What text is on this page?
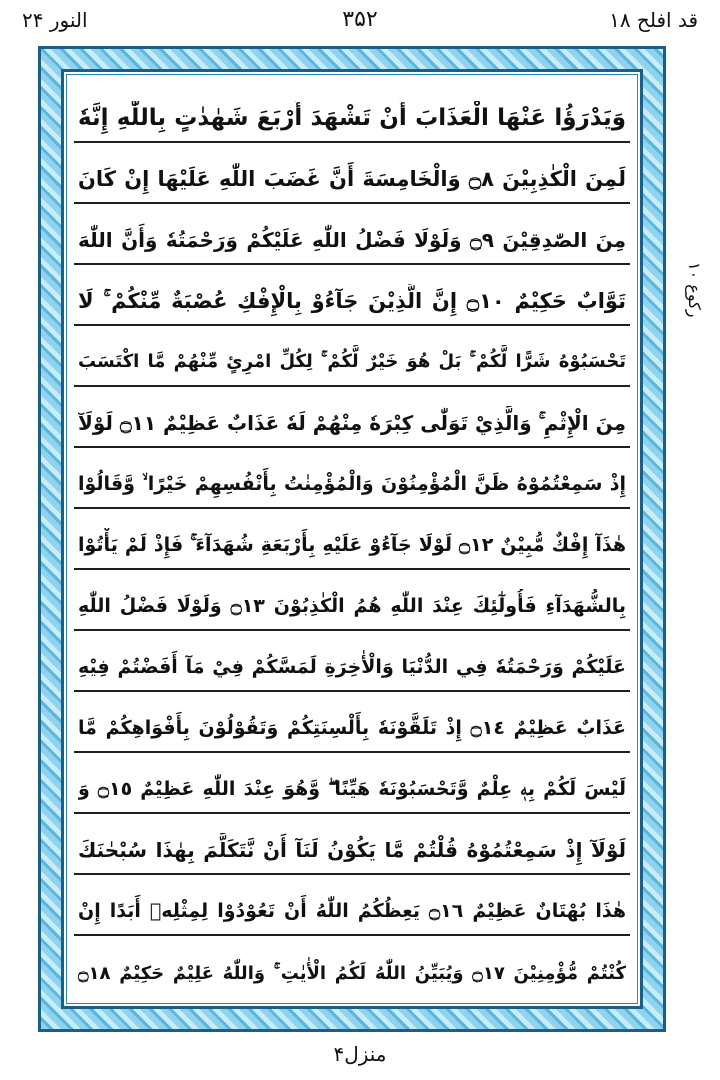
قد افلح ۱۸
۳۵۲
النور ۲۴
وَيَدْرَؤُا عَنْهَا الْعَذَابَ أَنْ تَشْهَدَ أَرْبَعَ شَهٰدٰتٍ بِاللّٰهِ إِنَّهٗ
لَمِنَ الْكٰذِبِيْنَ ۝٨ وَالْخَامِسَةَ أَنَّ غَضَبَ اللّٰهِ عَلَيْهَا إِنْ كَانَ
مِنَ الصّٰدِقِيْنَ ۝٩ وَلَوْلَا فَضْلُ اللّٰهِ عَلَيْكُمْ وَرَحْمَتُهٗ وَأَنَّ اللّٰهَ
تَوَّابٌ حَكِيْمٌ ۝١٠ إِنَّ الَّذِيْنَ جَآءُوْ بِالْإِفْكِ عُصْبَةٌ مِّنْكُمْ ۚ لَا
تَحْسَبُوْهُ شَرًّا لَّكُمْ ۚ بَلْ هُوَ خَيْرٌ لَّكُمْ ۚ لِكُلِّ امْرِئٍ مِّنْهُمْ مَّا اكْتَسَبَ
مِنَ الْإِثْمِ ۚ وَالَّذِيْ تَوَلّٰى كِبْرَهٗ مِنْهُمْ لَهٗ عَذَابٌ عَظِيْمٌ ۝١١ لَوْلَآ
إِذْ سَمِعْتُمُوْهُ ظَنَّ الْمُؤْمِنُوْنَ وَالْمُؤْمِنٰتُ بِأَنْفُسِهِمْ خَيْرًا ۙ وَّقَالُوْا
هٰذَآ إِفْكٌ مُّبِيْنٌ ۝١٢ لَوْلَا جَآءُوْ عَلَيْهِ بِأَرْبَعَةِ شُهَدَآءَ ۚ فَإِذْ لَمْ يَأْتُوْا
بِالشُّهَدَآءِ فَأُولٰٓئِكَ عِنْدَ اللّٰهِ هُمُ الْكٰذِبُوْنَ ۝١٣ وَلَوْلَا فَضْلُ اللّٰهِ
عَلَيْكُمْ وَرَحْمَتُهٗ فِي الدُّنْيَا وَالْأٰخِرَةِ لَمَسَّكُمْ فِيْ مَآ أَفَضْتُمْ فِيْهِ
عَذَابٌ عَظِيْمٌ ۝١٤ إِذْ تَلَقَّوْنَهٗ بِأَلْسِنَتِكُمْ وَتَقُوْلُوْنَ بِأَفْوَاهِكُمْ مَّا
لَيْسَ لَكُمْ بِهٖ عِلْمٌ وَّتَحْسَبُوْنَهٗ هَيِّنًا ۖ وَّهُوَ عِنْدَ اللّٰهِ عَظِيْمٌ ۝١٥ وَ
لَوْلَآ إِذْ سَمِعْتُمُوْهُ قُلْتُمْ مَّا يَكُوْنُ لَنَآ أَنْ نَّتَكَلَّمَ بِهٰذَا سُبْحٰنَكَ
هٰذَا بُهْتَانٌ عَظِيْمٌ ۝١٦ يَعِظُكُمُ اللّٰهُ أَنْ تَعُوْدُوْا لِمِثْلِهٖ أَبَدًا إِنْ
كُنْتُمْ مُّؤْمِنِيْنَ ۝١٧ وَيُبَيِّنُ اللّٰهُ لَكُمُ الْأٰيٰتِ ۚ وَاللّٰهُ عَلِيْمٌ حَكِيْمٌ ۝١٨
رکوع ۱۰
منزل۴
